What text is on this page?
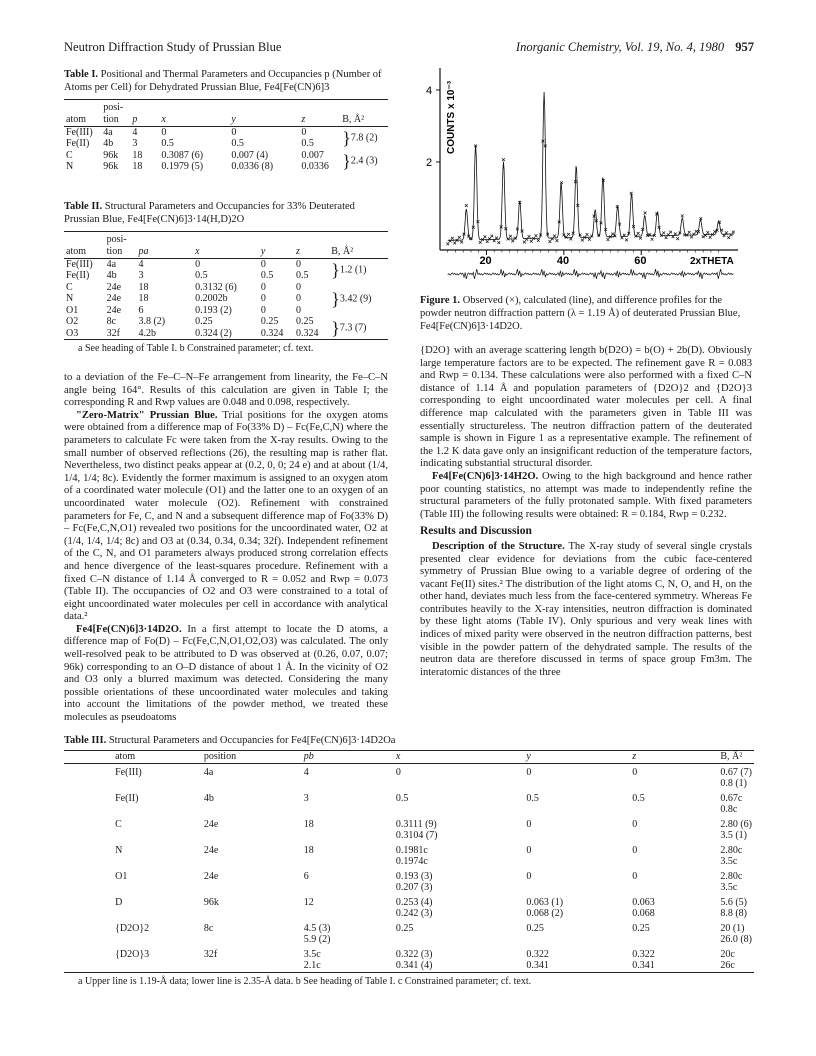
Neutron Diffraction Study of Prussian Blue	Inorganic Chemistry, Vol. 19, No. 4, 1980 957
Table I. Positional and Thermal Parameters and Occupancies p (Number of Atoms per Cell) for Dehydrated Prussian Blue, Fe4[Fe(CN)6]3
atom	posi-
tion	p	x	y	z	B, Å²
Fe(III)	4a	4	0	0	0	}7.8 (2)
Fe(II)	4b	3	0.5	0.5	0.5	
C	96k	18	0.3087 (6)	0.007 (4)	0.007	}2.4 (3)
N	96k	18	0.1979 (5)	0.0336 (8)	0.0336	
Table II. Structural Parameters and Occupancies for 33% Deuterated Prussian Blue, Fe4[Fe(CN)6]3·14(H,D)2O
atom	posi-
tion	pa	x	y	z	B, Å²
Fe(III)	4a	4	0	0	0	}1.2 (1)
Fe(II)	4b	3	0.5	0.5	0.5	
C	24e	18	0.3132 (6)	0	0	}3.42 (9)
N	24e	18	0.2002b	0	0	
O1	24e	6	0.193 (2)	0	0	
O2	8c	3.8 (2)	0.25	0.25	0.25	}7.3 (7)
O3	32f	4.2b	0.324 (2)	0.324	0.324	
a See heading of Table I. b Constrained parameter; cf. text.

to a deviation of the Fe–C–N–Fe arrangement from linearity, the Fe–C–N angle being 164°. Results of this calculation are given in Table I; the corresponding R and Rwp values are 0.048 and 0.098, respectively.

"Zero-Matrix" Prussian Blue. Trial positions for the oxygen atoms were obtained from a difference map of Fo(33% D) – Fc(Fe,C,N) where the parameters to calculate Fc were taken from the X-ray results. Owing to the small number of observed reflections (26), the resulting map is rather flat. Nevertheless, two distinct peaks appear at (0.2, 0, 0; 24 e) and at about (1/4, 1/4, 1/4; 8c). Evidently the former maximum is assigned to an oxygen atom of a coordinated water molecule (O1) and the latter one to an oxygen of an uncoordinated water molecule (O2). Refinement with constrained parameters for Fe, C, and N and a subsequent difference map of Fo(33% D) – Fc(Fe,C,N,O1) revealed two positions for the uncoordinated water, O2 at (1/4, 1/4, 1/4; 8c) and O3 at (0.34, 0.34, 0.34; 32f). Independent refinement of the C, N, and O1 parameters always produced strong correlation effects and hence divergence of the least-squares procedure. Refinement with a fixed C–N distance of 1.14 Å converged to R = 0.052 and Rwp = 0.073 (Table II). The occupancies of O2 and O3 were constrained to a total of eight uncoordinated water molecules per cell in accordance with analytical data.²

Fe4[Fe(CN)6]3·14D2O. In a first attempt to locate the D atoms, a difference map of Fo(D) – Fc(Fe,C,N,O1,O2,O3) was calculated. The only well-resolved peak to be attributed to D was observed at (0.26, 0.07, 0.07; 96k) corresponding to an O–D distance of about 1 Å. In the vicinity of O2 and O3 only a blurred maximum was detected. Considering the many possible orientations of these uncoordinated water molecules and taking into account the limitations of the powder method, we treated these molecules as pseudoatoms

4
2
COUNTS x 10⁻³
20	40	60	2xTHETA
Figure 1. Observed (×), calculated (line), and difference profiles for the powder neutron diffraction pattern (λ = 1.19 Å) of deuterated Prussian Blue, Fe4[Fe(CN)6]3·14D2O.

{D2O} with an average scattering length b(D2O) = b(O) + 2b(D). Obviously large temperature factors are to be expected. The refinement gave R = 0.083 and Rwp = 0.134. These calculations were also performed with a fixed C–N distance of 1.14 Å and population parameters of {D2O}2 and {D2O}3 corresponding to eight uncoordinated water molecules per cell. A final difference map calculated with the parameters given in Table III was essentially structureless. The neutron diffraction pattern of the deuterated sample is shown in Figure 1 as a representative example. The refinement of the 1.2 K data gave only an insignificant reduction of the temperature factors, indicating substantial structural disorder.

Fe4[Fe(CN)6]3·14H2O. Owing to the high background and hence rather poor counting statistics, no attempt was made to independently refine the structural parameters of the fully protonated sample. With fixed parameters (Table III) the following results were obtained: R = 0.184, Rwp = 0.232.

Results and Discussion

Description of the Structure. The X-ray study of several single crystals presented clear evidence for deviations from the cubic face-centered symmetry of Prussian Blue owing to a variable degree of ordering of the vacant Fe(II) sites.² The distribution of the light atoms C, N, O, and H, on the other hand, deviates much less from the face-centered symmetry. Whereas Fe contributes heavily to the X-ray intensities, neutron diffraction is dominated by these light atoms (Table IV). Only spurious and very weak lines with indices of mixed parity were observed in the neutron diffraction patterns, best visible in the powder pattern of the dehydrated sample. The results of the neutron data are therefore discussed in terms of space group Fm3m. The interatomic distances of the three

Table III. Structural Parameters and Occupancies for Fe4[Fe(CN)6]3·14D2Oa
	atom	position	pb	x	y	z	B, Å²
	Fe(III)	4a	4	0	0	0	0.67 (7)
							0.8 (1)
	Fe(II)	4b	3	0.5	0.5	0.5	0.67c
							0.8c
	C	24e	18	0.3111 (9)	0	0	2.80 (6)
				0.3104 (7)			3.5 (1)
	N	24e	18	0.1981c	0	0	2.80c
				0.1974c			3.5c
	O1	24e	6	0.193 (3)	0	0	2.80c
				0.207 (3)			3.5c
	D	96k	12	0.253 (4)	0.063 (1)	0.063	5.6 (5)
				0.242 (3)	0.068 (2)	0.068	8.8 (8)
	{D2O}2	8c	4.5 (3)	0.25	0.25	0.25	20 (1)
			5.9 (2)				26.0 (8)
	{D2O}3	32f	3.5c	0.322 (3)	0.322	0.322	20c
			2.1c	0.341 (4)	0.341	0.341	26c
a Upper line is 1.19-Å data; lower line is 2.35-Å data. b See heading of Table I. c Constrained parameter; cf. text.
